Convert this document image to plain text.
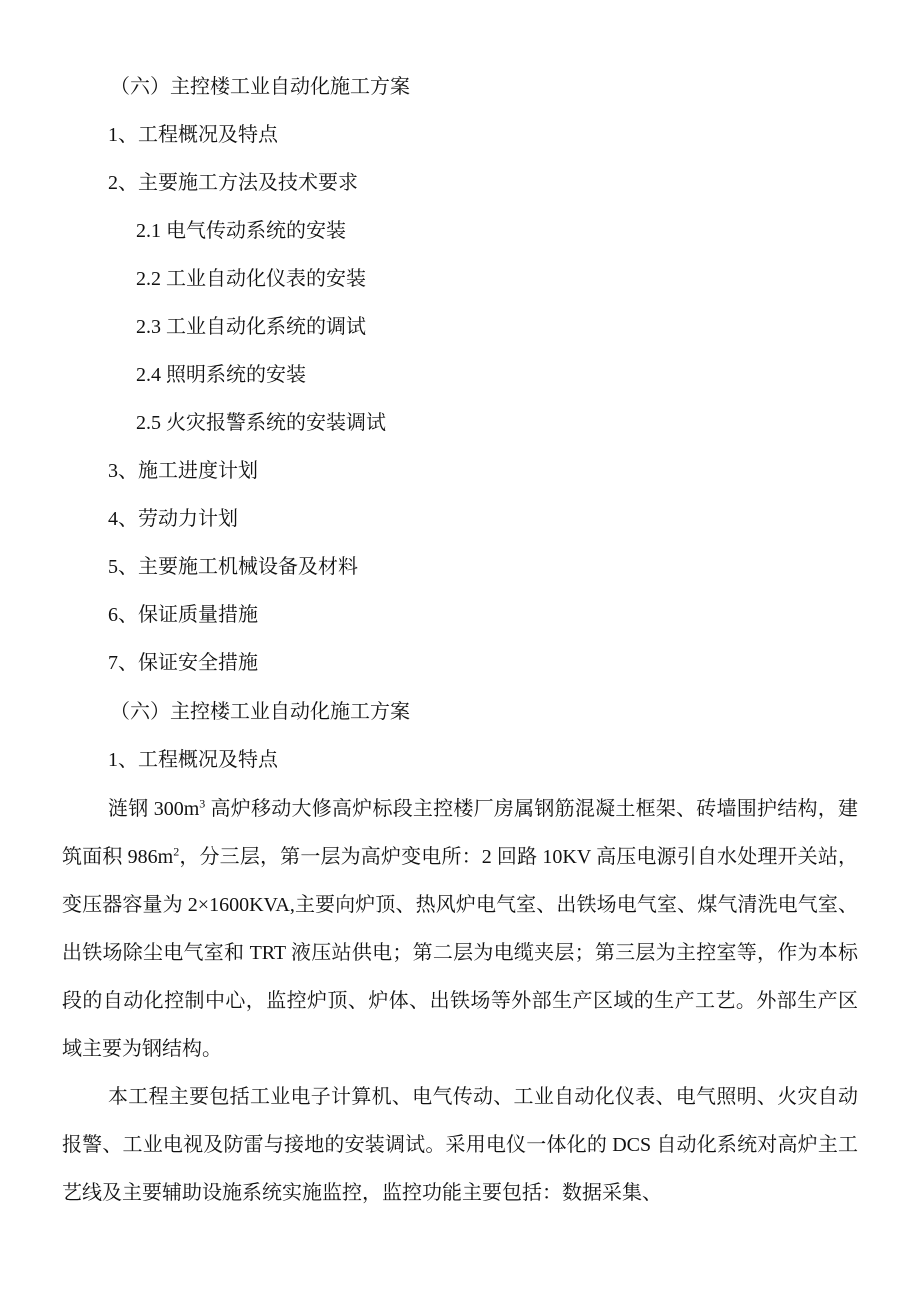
（六）主控楼工业自动化施工方案
1、工程概况及特点
2、主要施工方法及技术要求
2.1 电气传动系统的安装
2.2 工业自动化仪表的安装
2.3 工业自动化系统的调试
2.4 照明系统的安装
2.5 火灾报警系统的安装调试
3、施工进度计划
4、劳动力计划
5、主要施工机械设备及材料
6、保证质量措施
7、保证安全措施
（六）主控楼工业自动化施工方案
1、工程概况及特点
涟钢 $300m^3$ 高炉移动大修高炉标段主控楼厂房属钢筋混凝土框架、砖墙围护结构，建筑面积 $986m^2$，分三层，第一层为高炉变电所：2 回路 10KV 高压电源引自水处理开关站，变压器容量为 2×1600KVA,主要向炉顶、热风炉电气室、出铁场电气室、煤气清洗电气室、出铁场除尘电气室和 TRT 液压站供电；第二层为电缆夹层；第三层为主控室等，作为本标段的自动化控制中心，监控炉顶、炉体、出铁场等外部生产区域的生产工艺。外部生产区域主要为钢结构。
本工程主要包括工业电子计算机、电气传动、工业自动化仪表、电气照明、火灾自动报警、工业电视及防雷与接地的安装调试。采用电仪一体化的 DCS 自动化系统对高炉主工艺线及主要辅助设施系统实施监控，监控功能主要包括：数据采集、
